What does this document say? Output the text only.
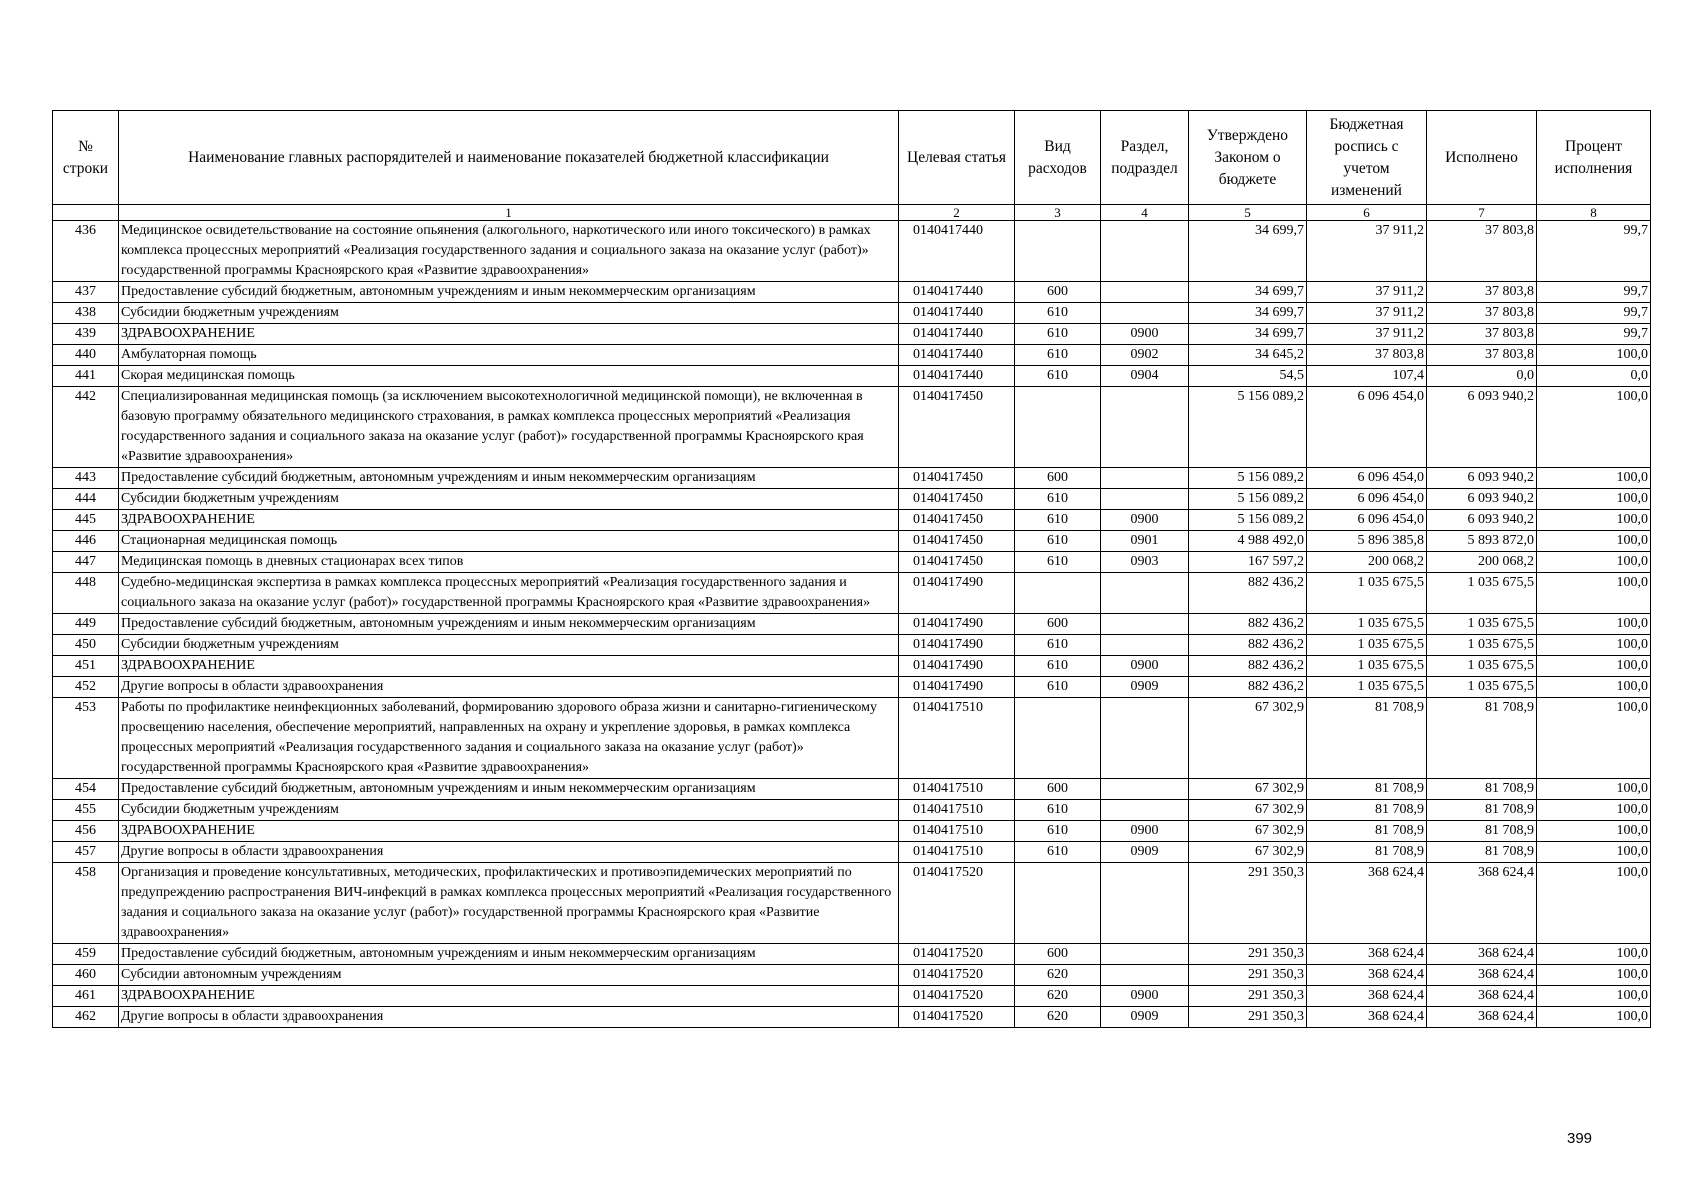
№ строки	Наименование главных распорядителей и наименование показателей бюджетной классификации	Целевая статья	Вид расходов	Раздел, подраздел	Утверждено Законом о бюджете	Бюджетная роспись с учетом изменений	Исполнено	Процент исполнения
	1	2	3	4	5	6	7	8
436	Медицинское освидетельствование на состояние опьянения (алкогольного, наркотического или иного токсического) в рамках комплекса процессных мероприятий «Реализация государственного задания и социального заказа на оказание услуг (работ)» государственной программы Красноярского края «Развитие здравоохранения»	0140417440			34 699,7	37 911,2	37 803,8	99,7
437	Предоставление субсидий бюджетным, автономным учреждениям и иным некоммерческим организациям	0140417440	600		34 699,7	37 911,2	37 803,8	99,7
438	Субсидии бюджетным учреждениям	0140417440	610		34 699,7	37 911,2	37 803,8	99,7
439	ЗДРАВООХРАНЕНИЕ	0140417440	610	0900	34 699,7	37 911,2	37 803,8	99,7
440	Амбулаторная помощь	0140417440	610	0902	34 645,2	37 803,8	37 803,8	100,0
441	Скорая медицинская помощь	0140417440	610	0904	54,5	107,4	0,0	0,0
442	Специализированная медицинская помощь (за исключением высокотехнологичной медицинской помощи), не включенная в базовую программу обязательного медицинского страхования, в рамках комплекса процессных мероприятий «Реализация государственного задания и социального заказа на оказание услуг (работ)» государственной программы Красноярского края «Развитие здравоохранения»	0140417450			5 156 089,2	6 096 454,0	6 093 940,2	100,0
443	Предоставление субсидий бюджетным, автономным учреждениям и иным некоммерческим организациям	0140417450	600		5 156 089,2	6 096 454,0	6 093 940,2	100,0
444	Субсидии бюджетным учреждениям	0140417450	610		5 156 089,2	6 096 454,0	6 093 940,2	100,0
445	ЗДРАВООХРАНЕНИЕ	0140417450	610	0900	5 156 089,2	6 096 454,0	6 093 940,2	100,0
446	Стационарная медицинская помощь	0140417450	610	0901	4 988 492,0	5 896 385,8	5 893 872,0	100,0
447	Медицинская помощь в дневных стационарах всех типов	0140417450	610	0903	167 597,2	200 068,2	200 068,2	100,0
448	Судебно-медицинская экспертиза в рамках комплекса процессных мероприятий «Реализация государственного задания и социального заказа на оказание услуг (работ)» государственной программы Красноярского края «Развитие здравоохранения»	0140417490			882 436,2	1 035 675,5	1 035 675,5	100,0
449	Предоставление субсидий бюджетным, автономным учреждениям и иным некоммерческим организациям	0140417490	600		882 436,2	1 035 675,5	1 035 675,5	100,0
450	Субсидии бюджетным учреждениям	0140417490	610		882 436,2	1 035 675,5	1 035 675,5	100,0
451	ЗДРАВООХРАНЕНИЕ	0140417490	610	0900	882 436,2	1 035 675,5	1 035 675,5	100,0
452	Другие вопросы в области здравоохранения	0140417490	610	0909	882 436,2	1 035 675,5	1 035 675,5	100,0
453	Работы по профилактике неинфекционных заболеваний, формированию здорового образа жизни и санитарно-гигиеническому просвещению населения, обеспечение мероприятий, направленных на охрану и укрепление здоровья, в рамках комплекса процессных мероприятий «Реализация государственного задания и социального заказа на оказание услуг (работ)» государственной программы Красноярского края «Развитие здравоохранения»	0140417510			67 302,9	81 708,9	81 708,9	100,0
454	Предоставление субсидий бюджетным, автономным учреждениям и иным некоммерческим организациям	0140417510	600		67 302,9	81 708,9	81 708,9	100,0
455	Субсидии бюджетным учреждениям	0140417510	610		67 302,9	81 708,9	81 708,9	100,0
456	ЗДРАВООХРАНЕНИЕ	0140417510	610	0900	67 302,9	81 708,9	81 708,9	100,0
457	Другие вопросы в области здравоохранения	0140417510	610	0909	67 302,9	81 708,9	81 708,9	100,0
458	Организация и проведение консультативных, методических, профилактических и противоэпидемических мероприятий по предупреждению распространения ВИЧ-инфекций в рамках комплекса процессных мероприятий «Реализация государственного задания и социального заказа на оказание услуг (работ)» государственной программы Красноярского края «Развитие здравоохранения»	0140417520			291 350,3	368 624,4	368 624,4	100,0
459	Предоставление субсидий бюджетным, автономным учреждениям и иным некоммерческим организациям	0140417520	600		291 350,3	368 624,4	368 624,4	100,0
460	Субсидии автономным учреждениям	0140417520	620		291 350,3	368 624,4	368 624,4	100,0
461	ЗДРАВООХРАНЕНИЕ	0140417520	620	0900	291 350,3	368 624,4	368 624,4	100,0
462	Другие вопросы в области здравоохранения	0140417520	620	0909	291 350,3	368 624,4	368 624,4	100,0
399
